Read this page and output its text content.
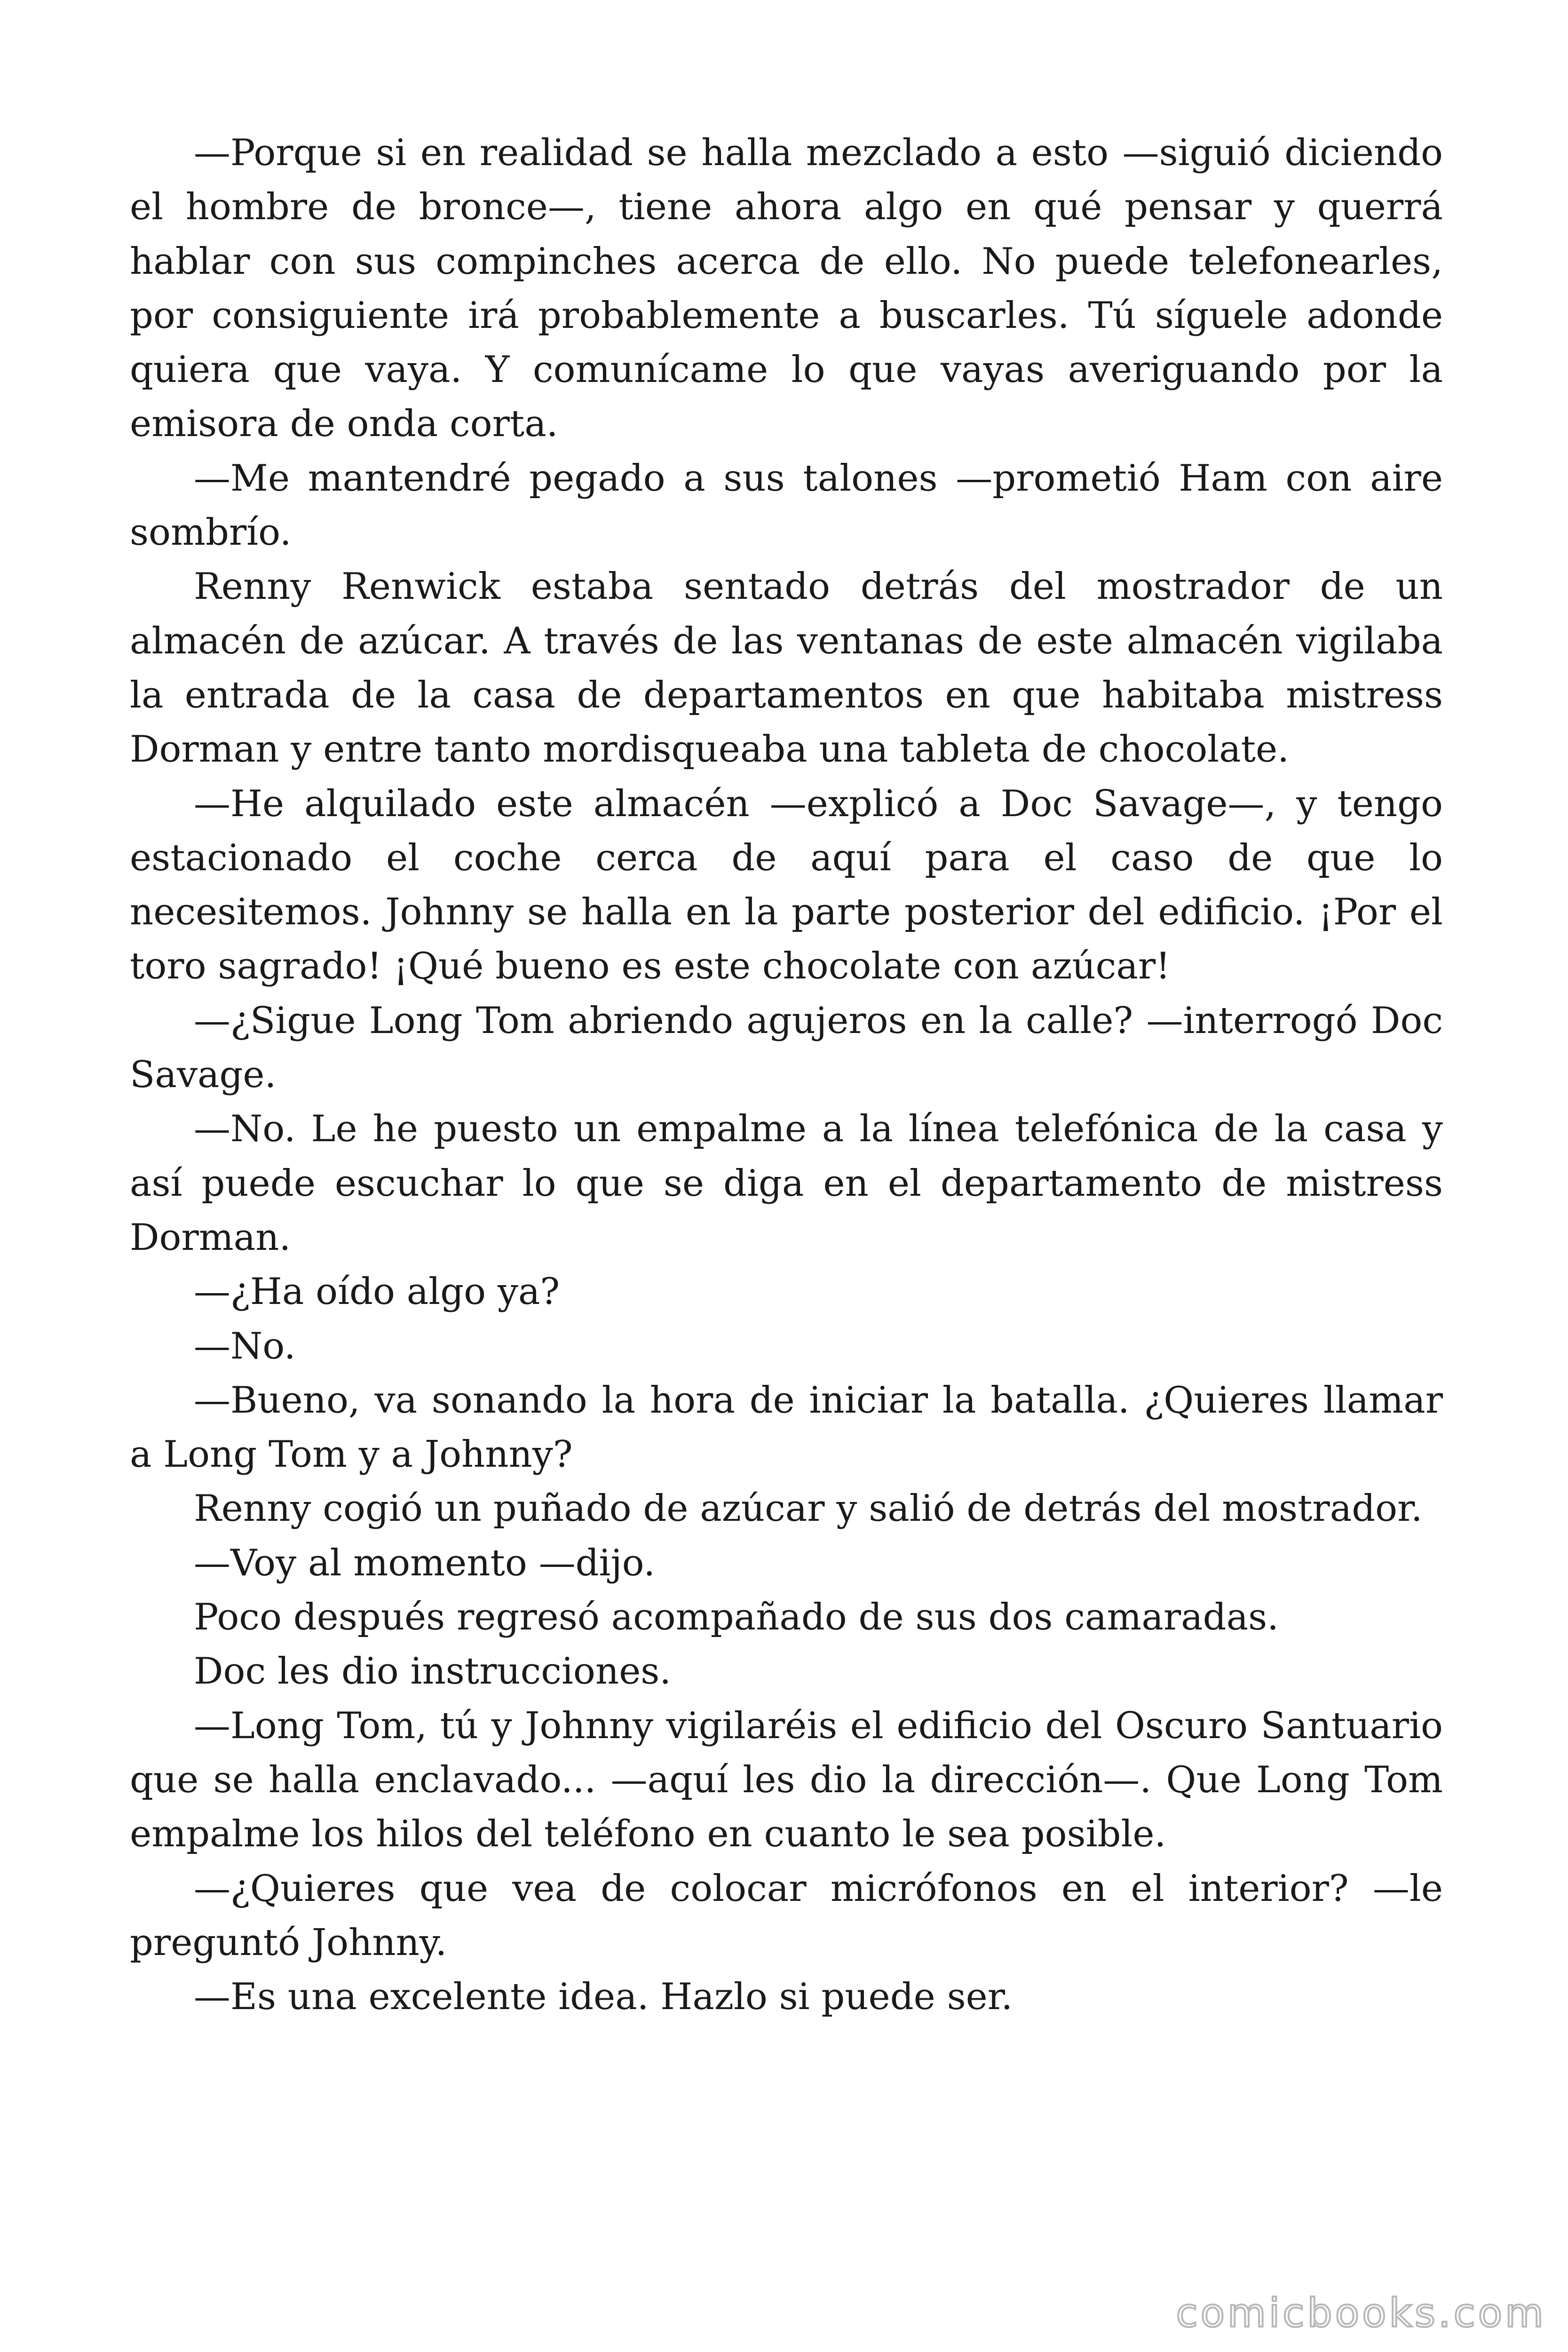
—Porque si en realidad se halla mezclado a esto —siguió diciendo el hombre de bronce—, tiene ahora algo en qué pensar y querrá hablar con sus compinches acerca de ello. No puede telefonearles, por consiguiente irá probablemente a buscarles. Tú síguele adonde quiera que vaya. Y comunícame lo que vayas averiguando por la emisora de onda corta.

—Me mantendré pegado a sus talones —prometió Ham con aire sombrío.

Renny Renwick estaba sentado detrás del mostrador de un almacén de azúcar. A través de las ventanas de este almacén vigilaba la entrada de la casa de departamentos en que habitaba mistress Dorman y entre tanto mordisqueaba una tableta de chocolate.

—He alquilado este almacén —explicó a Doc Savage—, y tengo estacionado el coche cerca de aquí para el caso de que lo necesitemos. Johnny se halla en la parte posterior del edificio. ¡Por el toro sagrado! ¡Qué bueno es este chocolate con azúcar!

—¿Sigue Long Tom abriendo agujeros en la calle? —interrogó Doc Savage.

—No. Le he puesto un empalme a la línea telefónica de la casa y así puede escuchar lo que se diga en el departamento de mistress Dorman.

—¿Ha oído algo ya?

—No.

—Bueno, va sonando la hora de iniciar la batalla. ¿Quieres llamar a Long Tom y a Johnny?

Renny cogió un puñado de azúcar y salió de detrás del mostrador.

—Voy al momento —dijo.

Poco después regresó acompañado de sus dos camaradas.

Doc les dio instrucciones.

—Long Tom, tú y Johnny vigilaréis el edificio del Oscuro Santuario que se halla enclavado... —aquí les dio la dirección—. Que Long Tom empalme los hilos del teléfono en cuanto le sea posible.

—¿Quieres que vea de colocar micrófonos en el interior? —le preguntó Johnny.

—Es una excelente idea. Hazlo si puede ser.

comicbooks.com
